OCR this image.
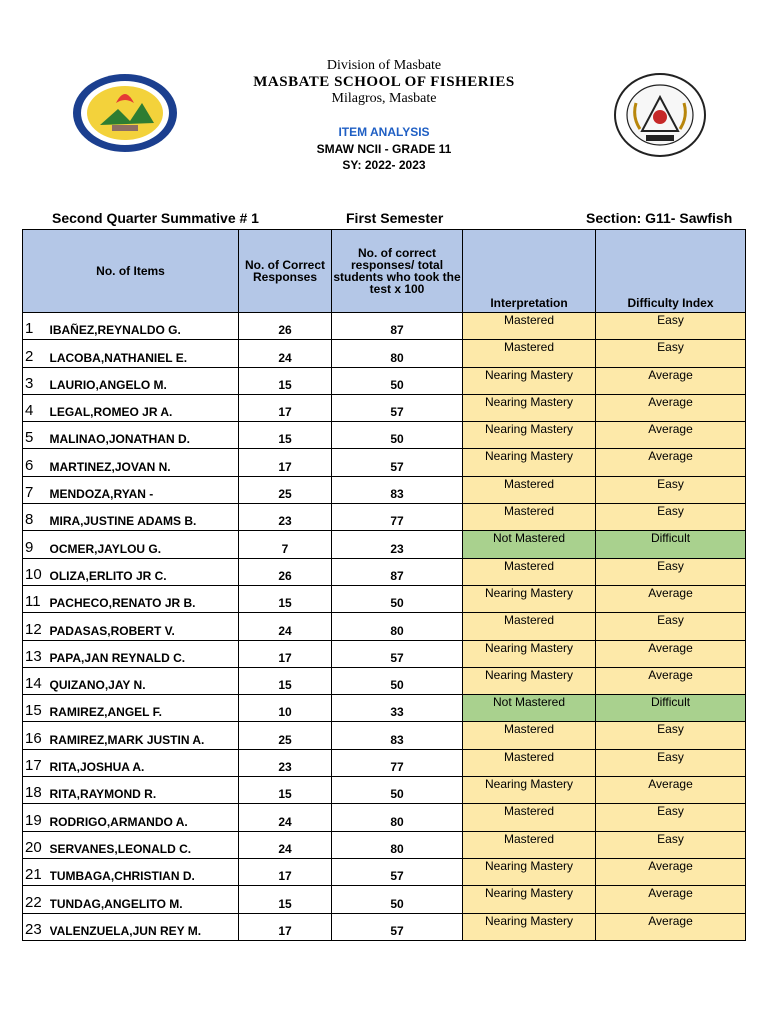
Division of Masbate
MASBATE SCHOOL OF FISHERIES
Milagros, Masbate
ITEM ANALYSIS
SMAW NCII - GRADE 11
SY: 2022- 2023
Second Quarter Summative # 1	First Semester	Section: G11- Sawfish
No. of Items		No. of Correct Responses	No. of correct responses/ total students who took the test x 100	Interpretation	Difficulty Index
1	IBAÑEZ,REYNALDO G.	26	87	Mastered	Easy
2	LACOBA,NATHANIEL E.	24	80	Mastered	Easy
3	LAURIO,ANGELO M.	15	50	Nearing Mastery	Average
4	LEGAL,ROMEO JR A.	17	57	Nearing Mastery	Average
5	MALINAO,JONATHAN D.	15	50	Nearing Mastery	Average
6	MARTINEZ,JOVAN N.	17	57	Nearing Mastery	Average
7	MENDOZA,RYAN -	25	83	Mastered	Easy
8	MIRA,JUSTINE ADAMS B.	23	77	Mastered	Easy
9	OCMER,JAYLOU G.	7	23	Not Mastered	Difficult
10	OLIZA,ERLITO JR C.	26	87	Mastered	Easy
11	PACHECO,RENATO JR B.	15	50	Nearing Mastery	Average
12	PADASAS,ROBERT V.	24	80	Mastered	Easy
13	PAPA,JAN REYNALD C.	17	57	Nearing Mastery	Average
14	QUIZANO,JAY N.	15	50	Nearing Mastery	Average
15	RAMIREZ,ANGEL F.	10	33	Not Mastered	Difficult
16	RAMIREZ,MARK JUSTIN A.	25	83	Mastered	Easy
17	RITA,JOSHUA A.	23	77	Mastered	Easy
18	RITA,RAYMOND R.	15	50	Nearing Mastery	Average
19	RODRIGO,ARMANDO A.	24	80	Mastered	Easy
20	SERVANES,LEONALD C.	24	80	Mastered	Easy
21	TUMBAGA,CHRISTIAN D.	17	57	Nearing Mastery	Average
22	TUNDAG,ANGELITO M.	15	50	Nearing Mastery	Average
23	VALENZUELA,JUN REY M.	17	57	Nearing Mastery	Average
